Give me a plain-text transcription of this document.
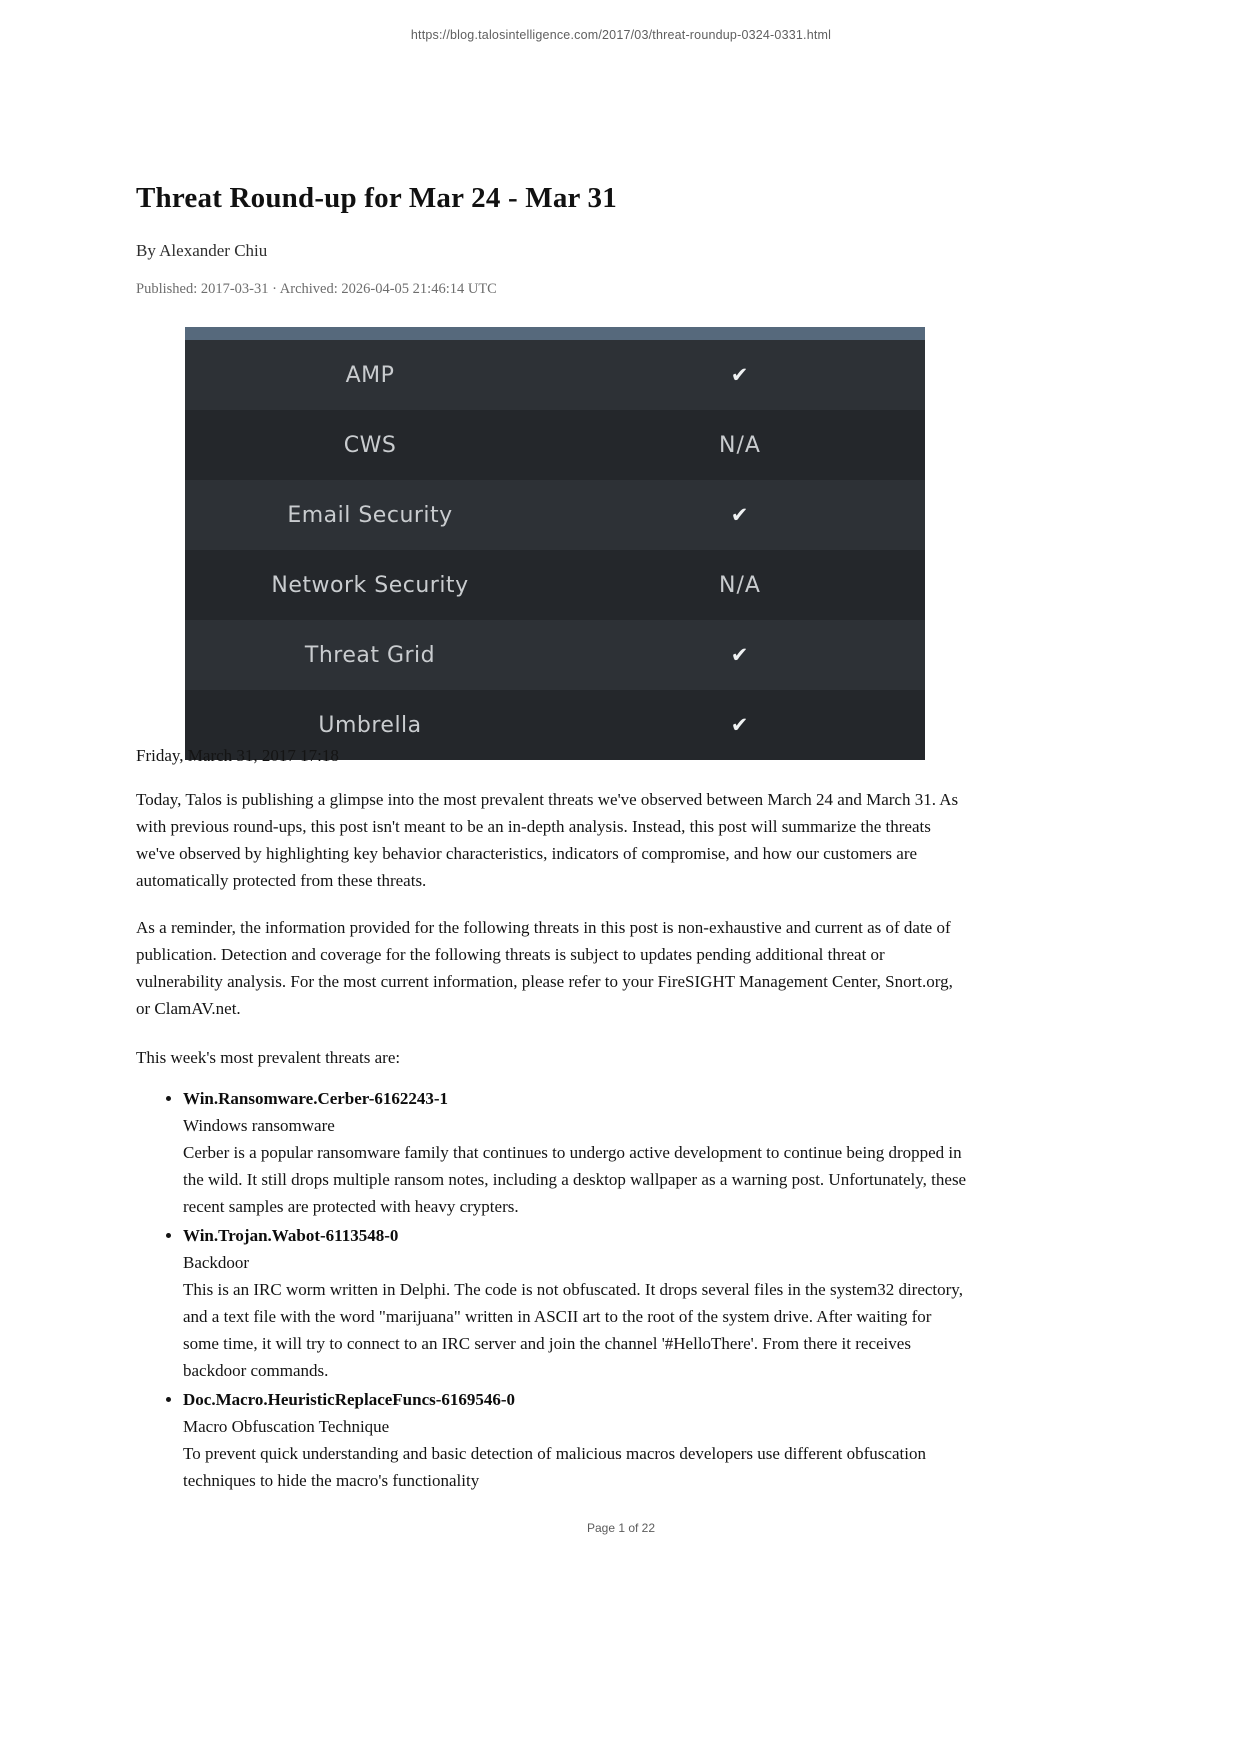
https://blog.talosintelligence.com/2017/03/threat-roundup-0324-0331.html
Threat Round-up for Mar 24 - Mar 31
By Alexander Chiu
Published: 2017-03-31 · Archived: 2026-04-05 21:46:14 UTC
AMP	✔
CWS	N/A
Email Security	✔
Network Security	N/A
Threat Grid	✔
Umbrella	✔
Friday, March 31, 2017 17:18

Today, Talos is publishing a glimpse into the most prevalent threats we've observed between March 24 and March 31. As with previous round-ups, this post isn't meant to be an in-depth analysis. Instead, this post will summarize the threats we've observed by highlighting key behavior characteristics, indicators of compromise, and how our customers are automatically protected from these threats.

As a reminder, the information provided for the following threats in this post is non-exhaustive and current as of date of publication. Detection and coverage for the following threats is subject to updates pending additional threat or vulnerability analysis. For the most current information, please refer to your FireSIGHT Management Center, Snort.org, or ClamAV.net.

This week's most prevalent threats are:

• Win.Ransomware.Cerber-6162243-1
Windows ransomware
Cerber is a popular ransomware family that continues to undergo active development to continue being dropped in the wild. It still drops multiple ransom notes, including a desktop wallpaper as a warning post. Unfortunately, these recent samples are protected with heavy crypters.
• Win.Trojan.Wabot-6113548-0
Backdoor
This is an IRC worm written in Delphi. The code is not obfuscated. It drops several files in the system32 directory, and a text file with the word "marijuana" written in ASCII art to the root of the system drive. After waiting for some time, it will try to connect to an IRC server and join the channel '#HelloThere'. From there it receives backdoor commands.
• Doc.Macro.HeuristicReplaceFuncs-6169546-0
Macro Obfuscation Technique
To prevent quick understanding and basic detection of malicious macros developers use different obfuscation techniques to hide the macro's functionality
Page 1 of 22
